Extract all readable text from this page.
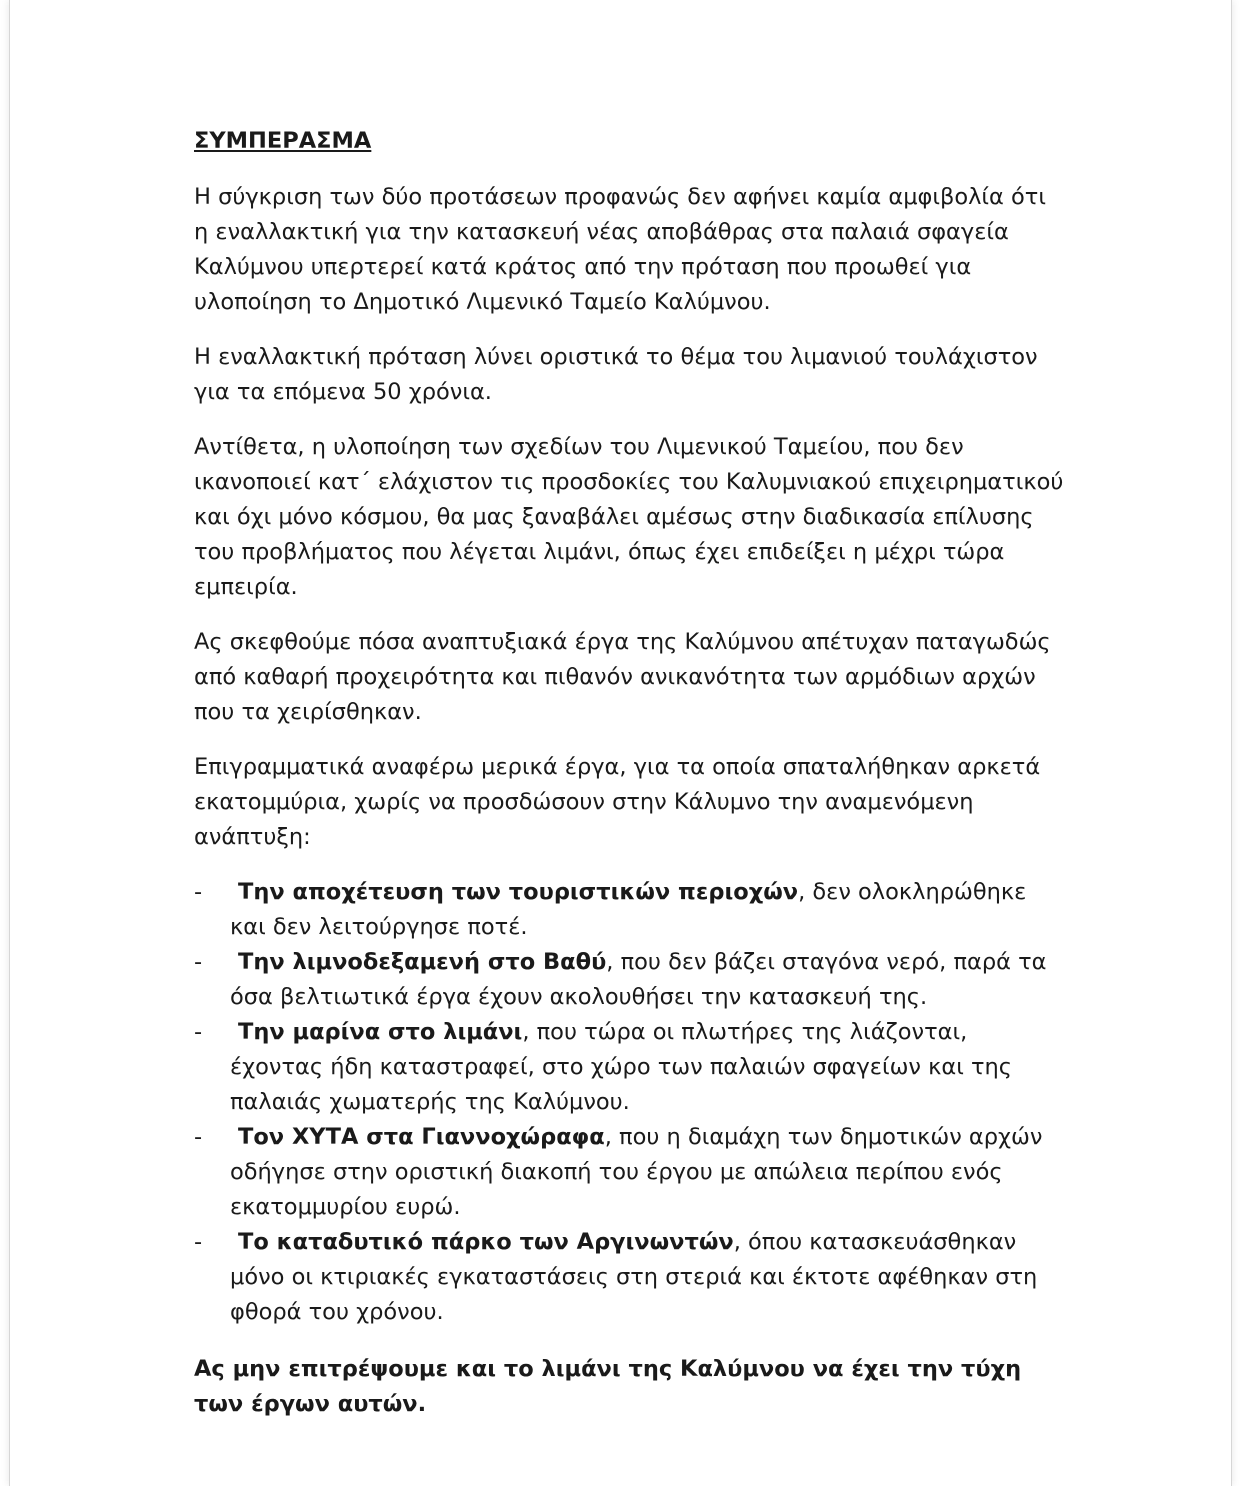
ΣΥΜΠΕΡΑΣΜΑ

Η σύγκριση των δύο προτάσεων προφανώς δεν αφήνει καμία αμφιβολία ότι η εναλλακτική για την κατασκευή νέας αποβάθρας στα παλαιά σφαγεία Καλύμνου υπερτερεί κατά κράτος από την πρόταση που προωθεί για υλοποίηση το Δημοτικό Λιμενικό Ταμείο Καλύμνου.

Η εναλλακτική πρόταση λύνει οριστικά το θέμα του λιμανιού τουλάχιστον για τα επόμενα 50 χρόνια.

Αντίθετα, η υλοποίηση των σχεδίων του Λιμενικού Ταμείου, που δεν ικανοποιεί κατ΄ ελάχιστον τις προσδοκίες του Καλυμνιακού επιχειρηματικού και όχι μόνο κόσμου, θα μας ξαναβάλει αμέσως στην διαδικασία επίλυσης του προβλήματος που λέγεται λιμάνι, όπως έχει επιδείξει η μέχρι τώρα εμπειρία.

Ας σκεφθούμε πόσα αναπτυξιακά έργα της Καλύμνου απέτυχαν παταγωδώς από καθαρή προχειρότητα και πιθανόν ανικανότητα των αρμόδιων αρχών που τα χειρίσθηκαν.

Επιγραμματικά αναφέρω μερικά έργα, για τα οποία σπαταλήθηκαν αρκετά εκατομμύρια, χωρίς να προσδώσουν στην Κάλυμνο την αναμενόμενη ανάπτυξη:

- Την αποχέτευση των τουριστικών περιοχών, δεν ολοκληρώθηκε και δεν λειτούργησε ποτέ.
- Την λιμνοδεξαμενή στο Βαθύ, που δεν βάζει σταγόνα νερό, παρά τα όσα βελτιωτικά έργα έχουν ακολουθήσει την κατασκευή της.
- Την μαρίνα στο λιμάνι, που τώρα οι πλωτήρες της λιάζονται, έχοντας ήδη καταστραφεί, στο χώρο των παλαιών σφαγείων και της παλαιάς χωματερής της Καλύμνου.
- Τον ΧΥΤΑ στα Γιαννοχώραφα, που η διαμάχη των δημοτικών αρχών οδήγησε στην οριστική διακοπή του έργου με απώλεια περίπου ενός εκατομμυρίου ευρώ.
- Το καταδυτικό πάρκο των Αργινωντών, όπου κατασκευάσθηκαν μόνο οι κτιριακές εγκαταστάσεις στη στεριά και έκτοτε αφέθηκαν στη φθορά του χρόνου.

Ας μην επιτρέψουμε και το λιμάνι της Καλύμνου να έχει την τύχη των έργων αυτών.
